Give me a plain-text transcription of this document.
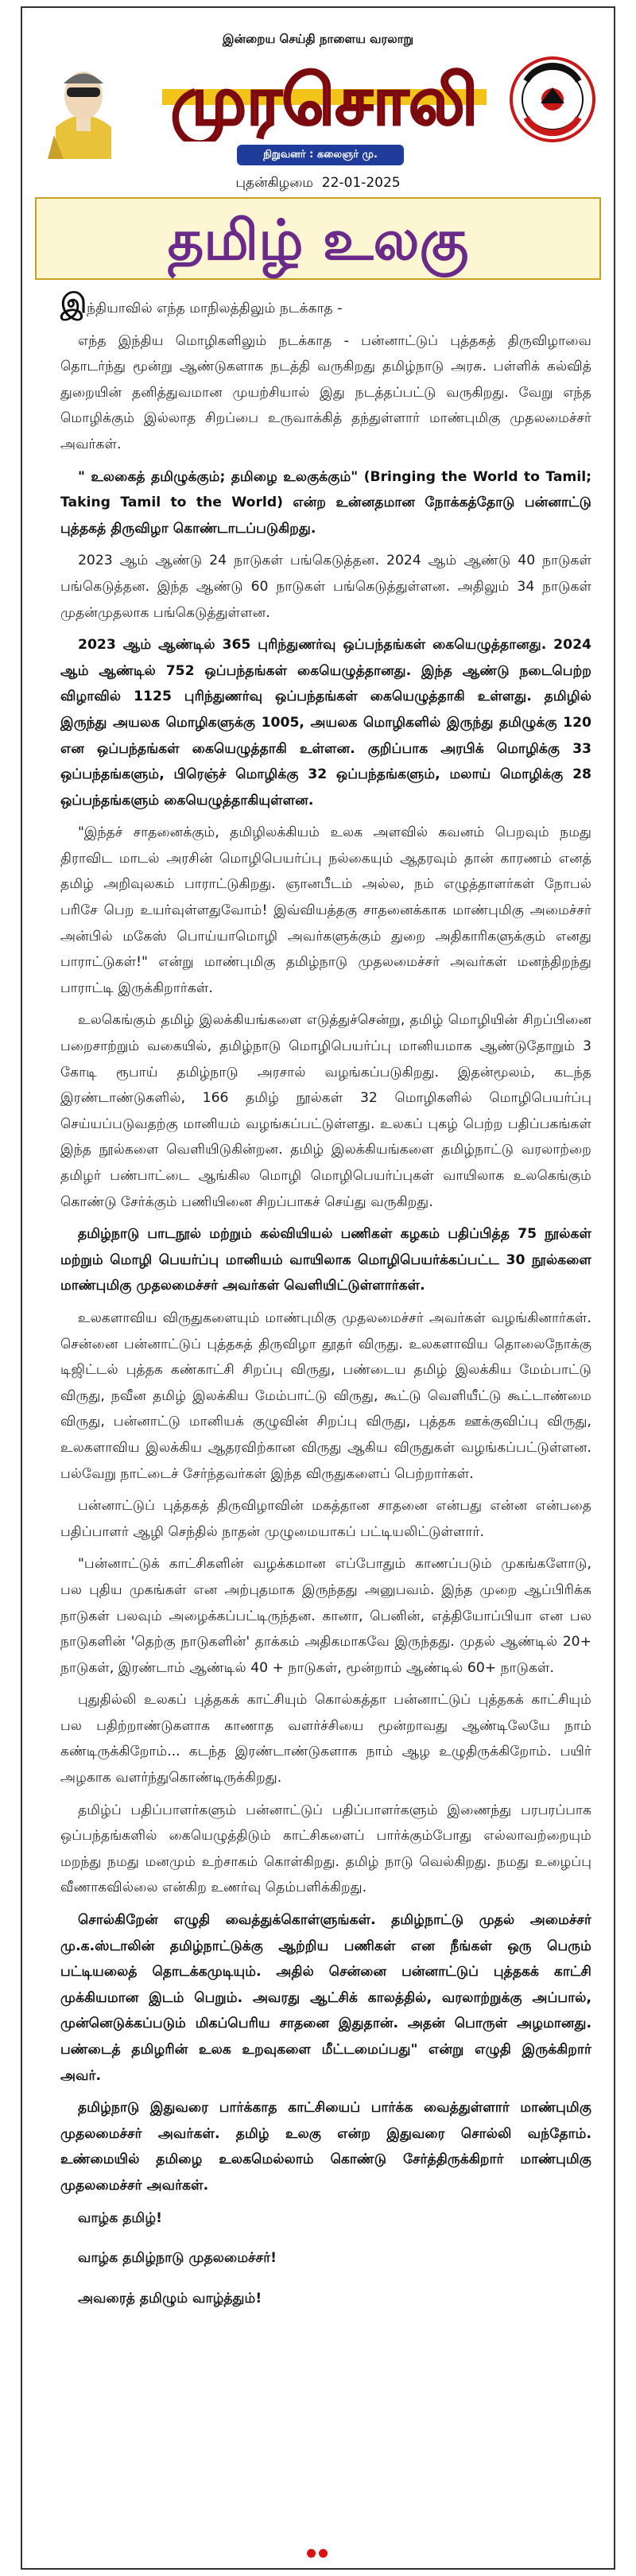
இன்றைய செய்தி நாளைய வரலாறு
முரசொலி
நிறுவனர் : கலைஞர் மு. கருணாநிதி
புதன்கிழமை 22-01-2025
தமிழ் உலகு

இந்தியாவில் எந்த மாநிலத்திலும் நடக்காத -

எந்த இந்திய மொழிகளிலும் நடக்காத - பன்னாட்டுப் புத்தகத் திருவிழாவை தொடர்ந்து மூன்று ஆண்டுகளாக நடத்தி வருகிறது தமிழ்நாடு அரசு. பள்ளிக் கல்வித் துறையின் தனித்துவமான முயற்சியால் இது நடத்தப்பட்டு வருகிறது. வேறு எந்த மொழிக்கும் இல்லாத சிறப்பை உருவாக்கித் தந்துள்ளார் மாண்புமிகு முதலமைச்சர் அவர்கள்.

" உலகைத் தமிழுக்கும்; தமிழை உலகுக்கும்" (Bringing the World to Tamil; Taking Tamil to the World) என்ற உன்னதமான நோக்கத்தோடு பன்னாட்டு புத்தகத் திருவிழா கொண்டாடப்படுகிறது.

2023 ஆம் ஆண்டு 24 நாடுகள் பங்கெடுத்தன. 2024 ஆம் ஆண்டு 40 நாடுகள் பங்கெடுத்தன. இந்த ஆண்டு 60 நாடுகள் பங்கெடுத்துள்ளன. அதிலும் 34 நாடுகள் முதன்முதலாக பங்கெடுத்துள்ளன.

2023 ஆம் ஆண்டில் 365 புரிந்துணர்வு ஒப்பந்தங்கள் கையெழுத்தானது. 2024 ஆம் ஆண்டில் 752 ஒப்பந்தங்கள் கையெழுத்தானது. இந்த ஆண்டு நடைபெற்ற விழாவில் 1125 புரிந்துணர்வு ஒப்பந்தங்கள் கையெழுத்தாகி உள்ளது. தமிழில் இருந்து அயலக மொழிகளுக்கு 1005, அயலக மொழிகளில் இருந்து தமிழுக்கு 120 என ஒப்பந்தங்கள் கையெழுத்தாகி உள்ளன. குறிப்பாக அரபிக் மொழிக்கு 33 ஒப்பந்தங்களும், பிரெஞ்ச் மொழிக்கு 32 ஒப்பந்தங்களும், மலாய் மொழிக்கு 28 ஒப்பந்தங்களும் கையெழுத்தாகியுள்ளன.

"இந்தச் சாதனைக்கும், தமிழிலக்கியம் உலக அளவில் கவனம் பெறவும் நமது திராவிட மாடல் அரசின் மொழிபெயர்ப்பு நல்கையும் ஆதரவும் தான் காரணம் எனத் தமிழ் அறிவுலகம் பாராட்டுகிறது. ஞானபீடம் அல்ல, நம் எழுத்தாளர்கள் நோபல் பரிசே பெற உயர்வுள்ளதுவோம்! இவ்வியத்தகு சாதனைக்காக மாண்புமிகு அமைச்சர் அன்பில் மகேஸ் பொய்யாமொழி அவர்களுக்கும் துறை அதிகாரிகளுக்கும் எனது பாராட்டுகள்!" என்று மாண்புமிகு தமிழ்நாடு முதலமைச்சர் அவர்கள் மனந்திறந்து பாராட்டி இருக்கிறார்கள்.

உலகெங்கும் தமிழ் இலக்கியங்களை எடுத்துச்சென்று, தமிழ் மொழியின் சிறப்பினை பறைசாற்றும் வகையில், தமிழ்நாடு மொழிபெயர்ப்பு மானியமாக ஆண்டுதோறும் 3 கோடி ரூபாய் தமிழ்நாடு அரசால் வழங்கப்படுகிறது. இதன்மூலம், கடந்த இரண்டாண்டுகளில், 166 தமிழ் நூல்கள் 32 மொழிகளில் மொழிபெயர்ப்பு செய்யப்படுவதற்கு மானியம் வழங்கப்பட்டுள்ளது. உலகப் புகழ் பெற்ற பதிப்பகங்கள் இந்த நூல்களை வெளியிடுகின்றன. தமிழ் இலக்கியங்களை தமிழ்நாட்டு வரலாற்றை தமிழர் பண்பாட்டை ஆங்கில மொழி மொழிபெயர்ப்புகள் வாயிலாக உலகெங்கும் கொண்டு சேர்க்கும் பணியினை சிறப்பாகச் செய்து வருகிறது.

தமிழ்நாடு பாடநூல் மற்றும் கல்வியியல் பணிகள் கழகம் பதிப்பித்த 75 நூல்கள் மற்றும் மொழி பெயர்ப்பு மானியம் வாயிலாக மொழிபெயர்க்கப்பட்ட 30 நூல்களை மாண்புமிகு முதலமைச்சர் அவர்கள் வெளியிட்டுள்ளார்கள்.

உலகளாவிய விருதுகளையும் மாண்புமிகு முதலமைச்சர் அவர்கள் வழங்கினார்கள். சென்னை பன்னாட்டுப் புத்தகத் திருவிழா தூதர் விருது. உலகளாவிய தொலைநோக்கு டிஜிட்டல் புத்தக கண்காட்சி சிறப்பு விருது, பண்டைய தமிழ் இலக்கிய மேம்பாட்டு விருது, நவீன தமிழ் இலக்கிய மேம்பாட்டு விருது, கூட்டு வெளியீட்டு கூட்டாண்மை விருது, பன்னாட்டு மானியக் குழுவின் சிறப்பு விருது, புத்தக ஊக்குவிப்பு விருது, உலகளாவிய இலக்கிய ஆதரவிற்கான விருது ஆகிய விருதுகள் வழங்கப்பட்டுள்ளன. பல்வேறு நாட்டைச் சேர்ந்தவர்கள் இந்த விருதுகளைப் பெற்றார்கள்.

பன்னாட்டுப் புத்தகத் திருவிழாவின் மகத்தான சாதனை என்பது என்ன என்பதை பதிப்பாளர் ஆழி செந்தில் நாதன் முழுமையாகப் பட்டியலிட்டுள்ளார்.

"பன்னாட்டுக் காட்சிகளின் வழக்கமான எப்போதும் காணப்படும் முகங்களோடு, பல புதிய முகங்கள் என அற்புதமாக இருந்தது அனுபவம். இந்த முறை ஆப்பிரிக்க நாடுகள் பலவும் அழைக்கப்பட்டிருந்தன. கானா, பெனின், எத்தியோப்பியா என பல நாடுகளின் 'தெற்கு நாடுகளின்' தாக்கம் அதிகமாகவே இருந்தது. முதல் ஆண்டில் 20+ நாடுகள், இரண்டாம் ஆண்டில் 40 + நாடுகள், மூன்றாம் ஆண்டில் 60+ நாடுகள்.

புதுதில்லி உலகப் புத்தகக் காட்சியும் கொல்கத்தா பன்னாட்டுப் புத்தகக் காட்சியும் பல பதிற்றாண்டுகளாக காணாத வளர்ச்சியை மூன்றாவது ஆண்டிலேயே நாம் கண்டிருக்கிறோம்... கடந்த இரண்டாண்டுகளாக நாம் ஆழ உழுதிருக்கிறோம். பயிர் அழகாக வளர்ந்துகொண்டிருக்கிறது.

தமிழ்ப் பதிப்பாளர்களும் பன்னாட்டுப் பதிப்பாளர்களும் இணைந்து பரபரப்பாக ஒப்பந்தங்களில் கையெழுத்திடும் காட்சிகளைப் பார்க்கும்போது எல்லாவற்றையும் மறந்து நமது மனமும் உற்சாகம் கொள்கிறது. தமிழ் நாடு வெல்கிறது. நமது உழைப்பு வீணாகவில்லை என்கிற உணர்வு தெம்பளிக்கிறது.

சொல்கிறேன் எழுதி வைத்துக்கொள்ளுங்கள். தமிழ்நாட்டு முதல் அமைச்சர் மு.க.ஸ்டாலின் தமிழ்நாட்டுக்கு ஆற்றிய பணிகள் என நீங்கள் ஒரு பெரும் பட்டியலைத் தொடக்கமுடியும். அதில் சென்னை பன்னாட்டுப் புத்தகக் காட்சி முக்கியமான இடம் பெறும். அவரது ஆட்சிக் காலத்தில், வரலாற்றுக்கு அப்பால், முன்னெடுக்கப்படும் மிகப்பெரிய சாதனை இதுதான். அதன் பொருள் அழமானது. பண்டைத் தமிழரின் உலக உறவுகளை மீட்டமைப்பது" என்று எழுதி இருக்கிறார் அவர்.

தமிழ்நாடு இதுவரை பார்க்காத காட்சியைப் பார்க்க வைத்துள்ளார் மாண்புமிகு முதலமைச்சர் அவர்கள். தமிழ் உலகு என்ற இதுவரை சொல்லி வந்தோம். உண்மையில் தமிழை உலகமெல்லாம் கொண்டு சேர்த்திருக்கிறார் மாண்புமிகு முதலமைச்சர் அவர்கள்.

வாழ்க தமிழ்!

வாழ்க தமிழ்நாடு முதலமைச்சர்!

அவரைத் தமிழும் வாழ்த்தும்!
